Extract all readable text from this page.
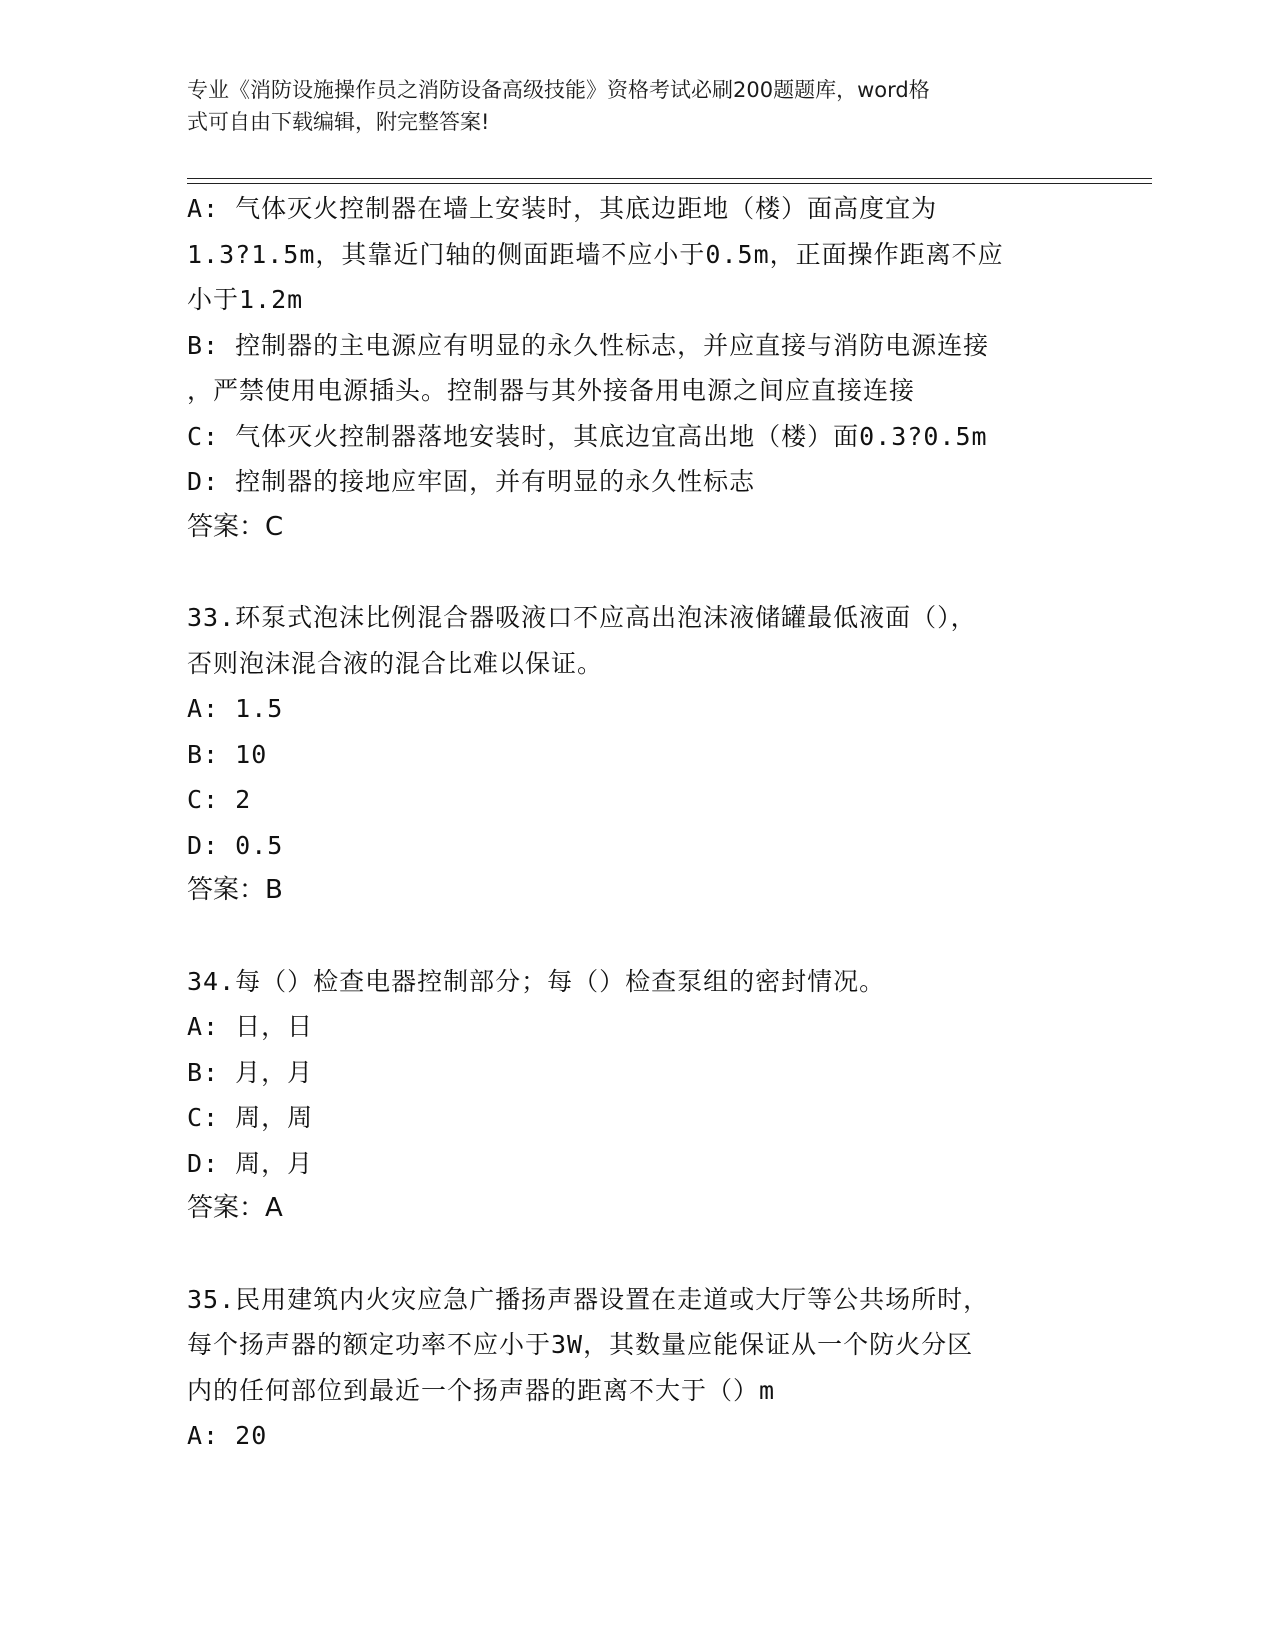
专业《消防设施操作员之消防设备高级技能》资格考试必刷200题题库，word格
式可自由下载编辑，附完整答案!

A: 气体灭火控制器在墙上安装时，其底边距地（楼）面高度宜为

1.3?1.5m，其靠近门轴的侧面距墙不应小于0.5m，正面操作距离不应

小于1.2m

B: 控制器的主电源应有明显的永久性标志，并应直接与消防电源连接

，严禁使用电源插头。控制器与其外接备用电源之间应直接连接

C: 气体灭火控制器落地安装时，其底边宜高出地（楼）面0.3?0.5m

D: 控制器的接地应牢固，并有明显的永久性标志

答案：C

33.环泵式泡沫比例混合器吸液口不应高出泡沫液储罐最低液面（），

否则泡沫混合液的混合比难以保证。

A: 1.5

B: 10

C: 2

D: 0.5

答案：B

34.每（）检查电器控制部分；每（）检查泵组的密封情况。

A: 日，日

B: 月，月

C: 周，周

D: 周，月

答案：A

35.民用建筑内火灾应急广播扬声器设置在走道或大厅等公共场所时，

每个扬声器的额定功率不应小于3W，其数量应能保证从一个防火分区

内的任何部位到最近一个扬声器的距离不大于（）m

A: 20
